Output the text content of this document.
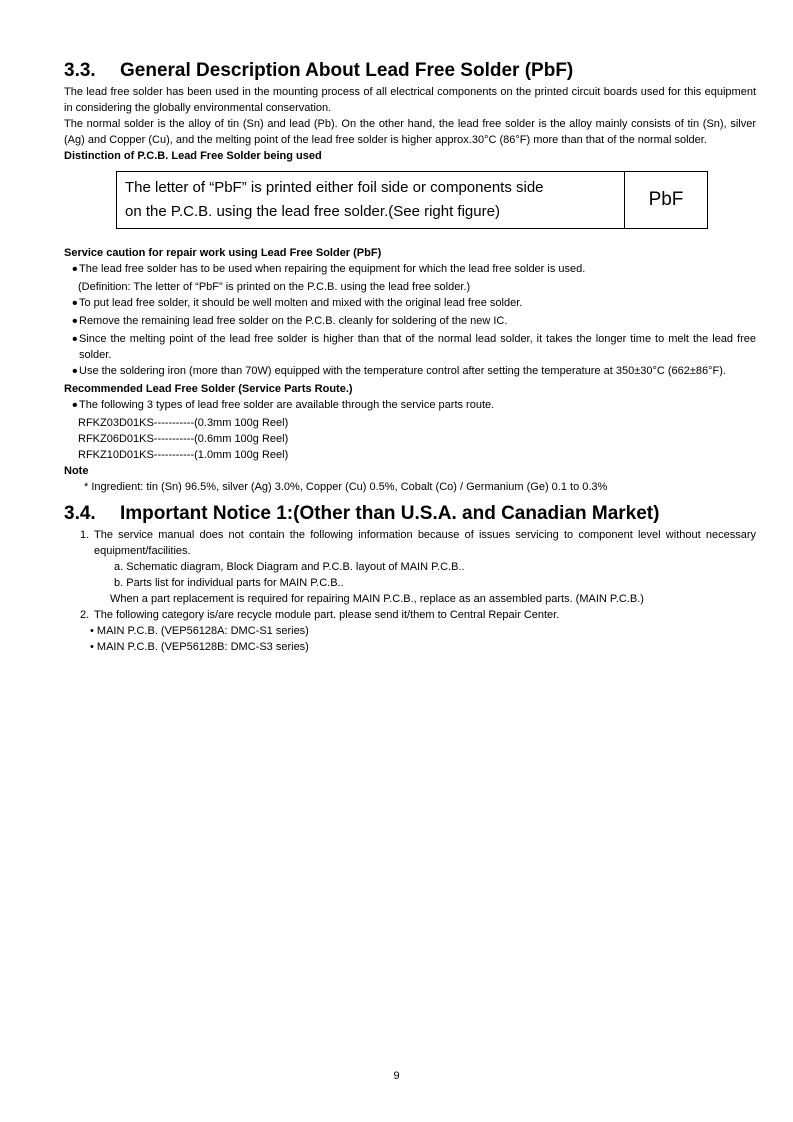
3.3.	General Description About Lead Free Solder (PbF)

The lead free solder has been used in the mounting process of all electrical components on the printed circuit boards used for this equipment in considering the globally environmental conservation.

The normal solder is the alloy of tin (Sn) and lead (Pb). On the other hand, the lead free solder is the alloy mainly consists of tin (Sn), silver (Ag) and Copper (Cu), and the melting point of the lead free solder is higher approx.30°C (86°F) more than that of the normal solder.

Distinction of P.C.B. Lead Free Solder being used

The letter of “PbF” is printed either foil side or components side
on the P.C.B. using the lead free solder.(See right figure)
PbF

Service caution for repair work using Lead Free Solder (PbF)

• The lead free solder has to be used when repairing the equipment for which the lead free solder is used.
(Definition: The letter of “PbF” is printed on the P.C.B. using the lead free solder.)
• To put lead free solder, it should be well molten and mixed with the original lead free solder.
• Remove the remaining lead free solder on the P.C.B. cleanly for soldering of the new IC.
• Since the melting point of the lead free solder is higher than that of the normal lead solder, it takes the longer time to melt the lead free solder.
• Use the soldering iron (more than 70W) equipped with the temperature control after setting the temperature at 350±30°C (662±86°F).

Recommended Lead Free Solder (Service Parts Route.)

• The following 3 types of lead free solder are available through the service parts route.
RFKZ03D01KS-----------(0.3mm 100g Reel)
RFKZ06D01KS-----------(0.6mm 100g Reel)
RFKZ10D01KS-----------(1.0mm 100g Reel)

Note

* Ingredient: tin (Sn) 96.5%, silver (Ag) 3.0%, Copper (Cu) 0.5%, Cobalt (Co) / Germanium (Ge) 0.1 to 0.3%
3.4.	Important Notice 1:(Other than U.S.A. and Canadian Market)
1. The service manual does not contain the following information because of issues servicing to component level without necessary equipment/facilities.
a. Schematic diagram, Block Diagram and P.C.B. layout of MAIN P.C.B..
b. Parts list for individual parts for MAIN P.C.B..
When a part replacement is required for repairing MAIN P.C.B., replace as an assembled parts. (MAIN P.C.B.)
2. The following category is/are recycle module part. please send it/them to Central Repair Center.
• MAIN P.C.B. (VEP56128A: DMC-S1 series)
• MAIN P.C.B. (VEP56128B: DMC-S3 series)
9
